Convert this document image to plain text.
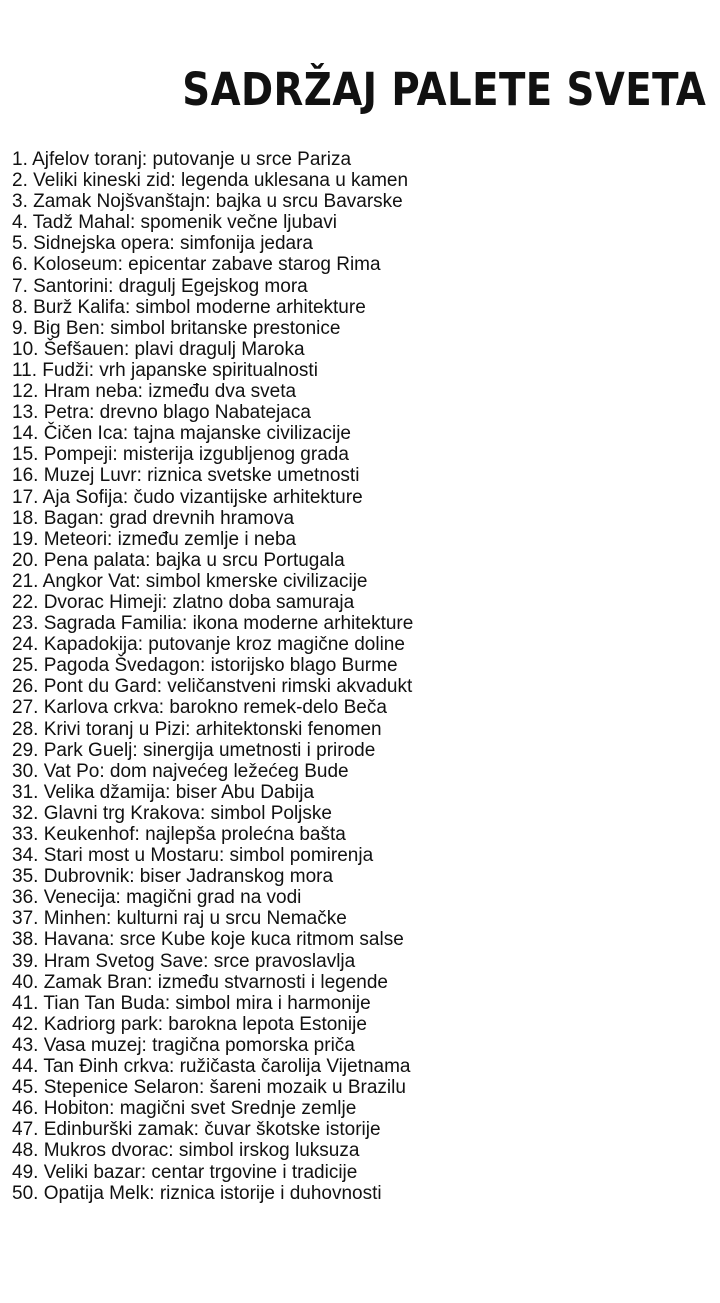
SADRŽAJ PALETE SVETA
1. Ajfelov toranj: putovanje u srce Pariza
2. Veliki kineski zid: legenda uklesana u kamen
3. Zamak Nojšvanštajn: bajka u srcu Bavarske
4. Tadž Mahal: spomenik večne ljubavi
5. Sidnejska opera: simfonija jedara
6. Koloseum: epicentar zabave starog Rima
7. Santorini: dragulj Egejskog mora
8. Burž Kalifa: simbol moderne arhitekture
9. Big Ben: simbol britanske prestonice
10. Šefšauen: plavi dragulj Maroka
11. Fudži: vrh japanske spiritualnosti
12. Hram neba: između dva sveta
13. Petra: drevno blago Nabatejaca
14. Čičen Ica: tajna majanske civilizacije
15. Pompeji: misterija izgubljenog grada
16. Muzej Luvr: riznica svetske umetnosti
17. Aja Sofija: čudo vizantijske arhitekture
18. Bagan: grad drevnih hramova
19. Meteori: između zemlje i neba
20. Pena palata: bajka u srcu Portugala
21. Angkor Vat: simbol kmerske civilizacije
22. Dvorac Himeji: zlatno doba samuraja
23. Sagrada Familia: ikona moderne arhitekture
24. Kapadokija: putovanje kroz magične doline
25. Pagoda Švedagon: istorijsko blago Burme
26. Pont du Gard: veličanstveni rimski akvadukt
27. Karlova crkva: barokno remek-delo Beča
28. Krivi toranj u Pizi: arhitektonski fenomen
29. Park Guelj: sinergija umetnosti i prirode
30. Vat Po: dom najvećeg ležećeg Bude
31. Velika džamija: biser Abu Dabija
32. Glavni trg Krakova: simbol Poljske
33. Keukenhof: najlepša prolećna bašta
34. Stari most u Mostaru: simbol pomirenja
35. Dubrovnik: biser Jadranskog mora
36. Venecija: magični grad na vodi
37. Minhen: kulturni raj u srcu Nemačke
38. Havana: srce Kube koje kuca ritmom salse
39. Hram Svetog Save: srce pravoslavlja
40. Zamak Bran: između stvarnosti i legende
41. Tian Tan Buda: simbol mira i harmonije
42. Kadriorg park: barokna lepota Estonije
43. Vasa muzej: tragična pomorska priča
44. Tan Đinh crkva: ružičasta čarolija Vijetnama
45. Stepenice Selaron: šareni mozaik u Brazilu
46. Hobiton: magični svet Srednje zemlje
47. Edinburški zamak: čuvar škotske istorije
48. Mukros dvorac: simbol irskog luksuza
49. Veliki bazar: centar trgovine i tradicije
50. Opatija Melk: riznica istorije i duhovnosti
